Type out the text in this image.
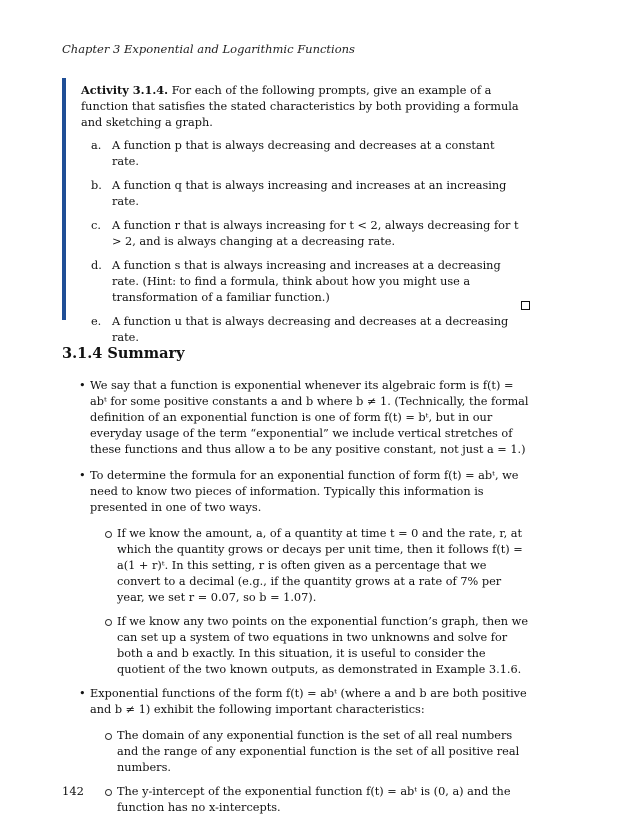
Chapter 3 Exponential and Logarithmic Functions
Activity 3.1.4. For each of the following prompts, give an example of a function that satisfies the stated characteristics by both providing a formula and sketching a graph.
a. A function p that is always decreasing and decreases at a constant rate.
b. A function q that is always increasing and increases at an increasing rate.
c. A function r that is always increasing for t < 2, always decreasing for t > 2, and is always changing at a decreasing rate.
d. A function s that is always increasing and increases at a decreasing rate. (Hint: to find a formula, think about how you might use a transformation of a familiar function.)
e. A function u that is always decreasing and decreases at a decreasing rate.
3.1.4 Summary
• We say that a function is exponential whenever its algebraic form is f(t) = abᵗ for some positive constants a and b where b ≠ 1. (Technically, the formal definition of an exponential function is one of form f(t) = bᵗ, but in our everyday usage of the term “exponential” we include vertical stretches of these functions and thus allow a to be any positive constant, not just a = 1.)
• To determine the formula for an exponential function of form f(t) = abᵗ, we need to know two pieces of information. Typically this information is presented in one of two ways.
If we know the amount, a, of a quantity at time t = 0 and the rate, r, at which the quantity grows or decays per unit time, then it follows f(t) = a(1 + r)ᵗ. In this setting, r is often given as a percentage that we convert to a decimal (e.g., if the quantity grows at a rate of 7% per year, we set r = 0.07, so b = 1.07).
If we know any two points on the exponential function’s graph, then we can set up a system of two equations in two unknowns and solve for both a and b exactly. In this situation, it is useful to consider the quotient of the two known outputs, as demonstrated in Example 3.1.6.
• Exponential functions of the form f(t) = abᵗ (where a and b are both positive and b ≠ 1) exhibit the following important characteristics:
The domain of any exponential function is the set of all real numbers and the range of any exponential function is the set of all positive real numbers.
The y-intercept of the exponential function f(t) = abᵗ is (0, a) and the function has no x-intercepts.
142
